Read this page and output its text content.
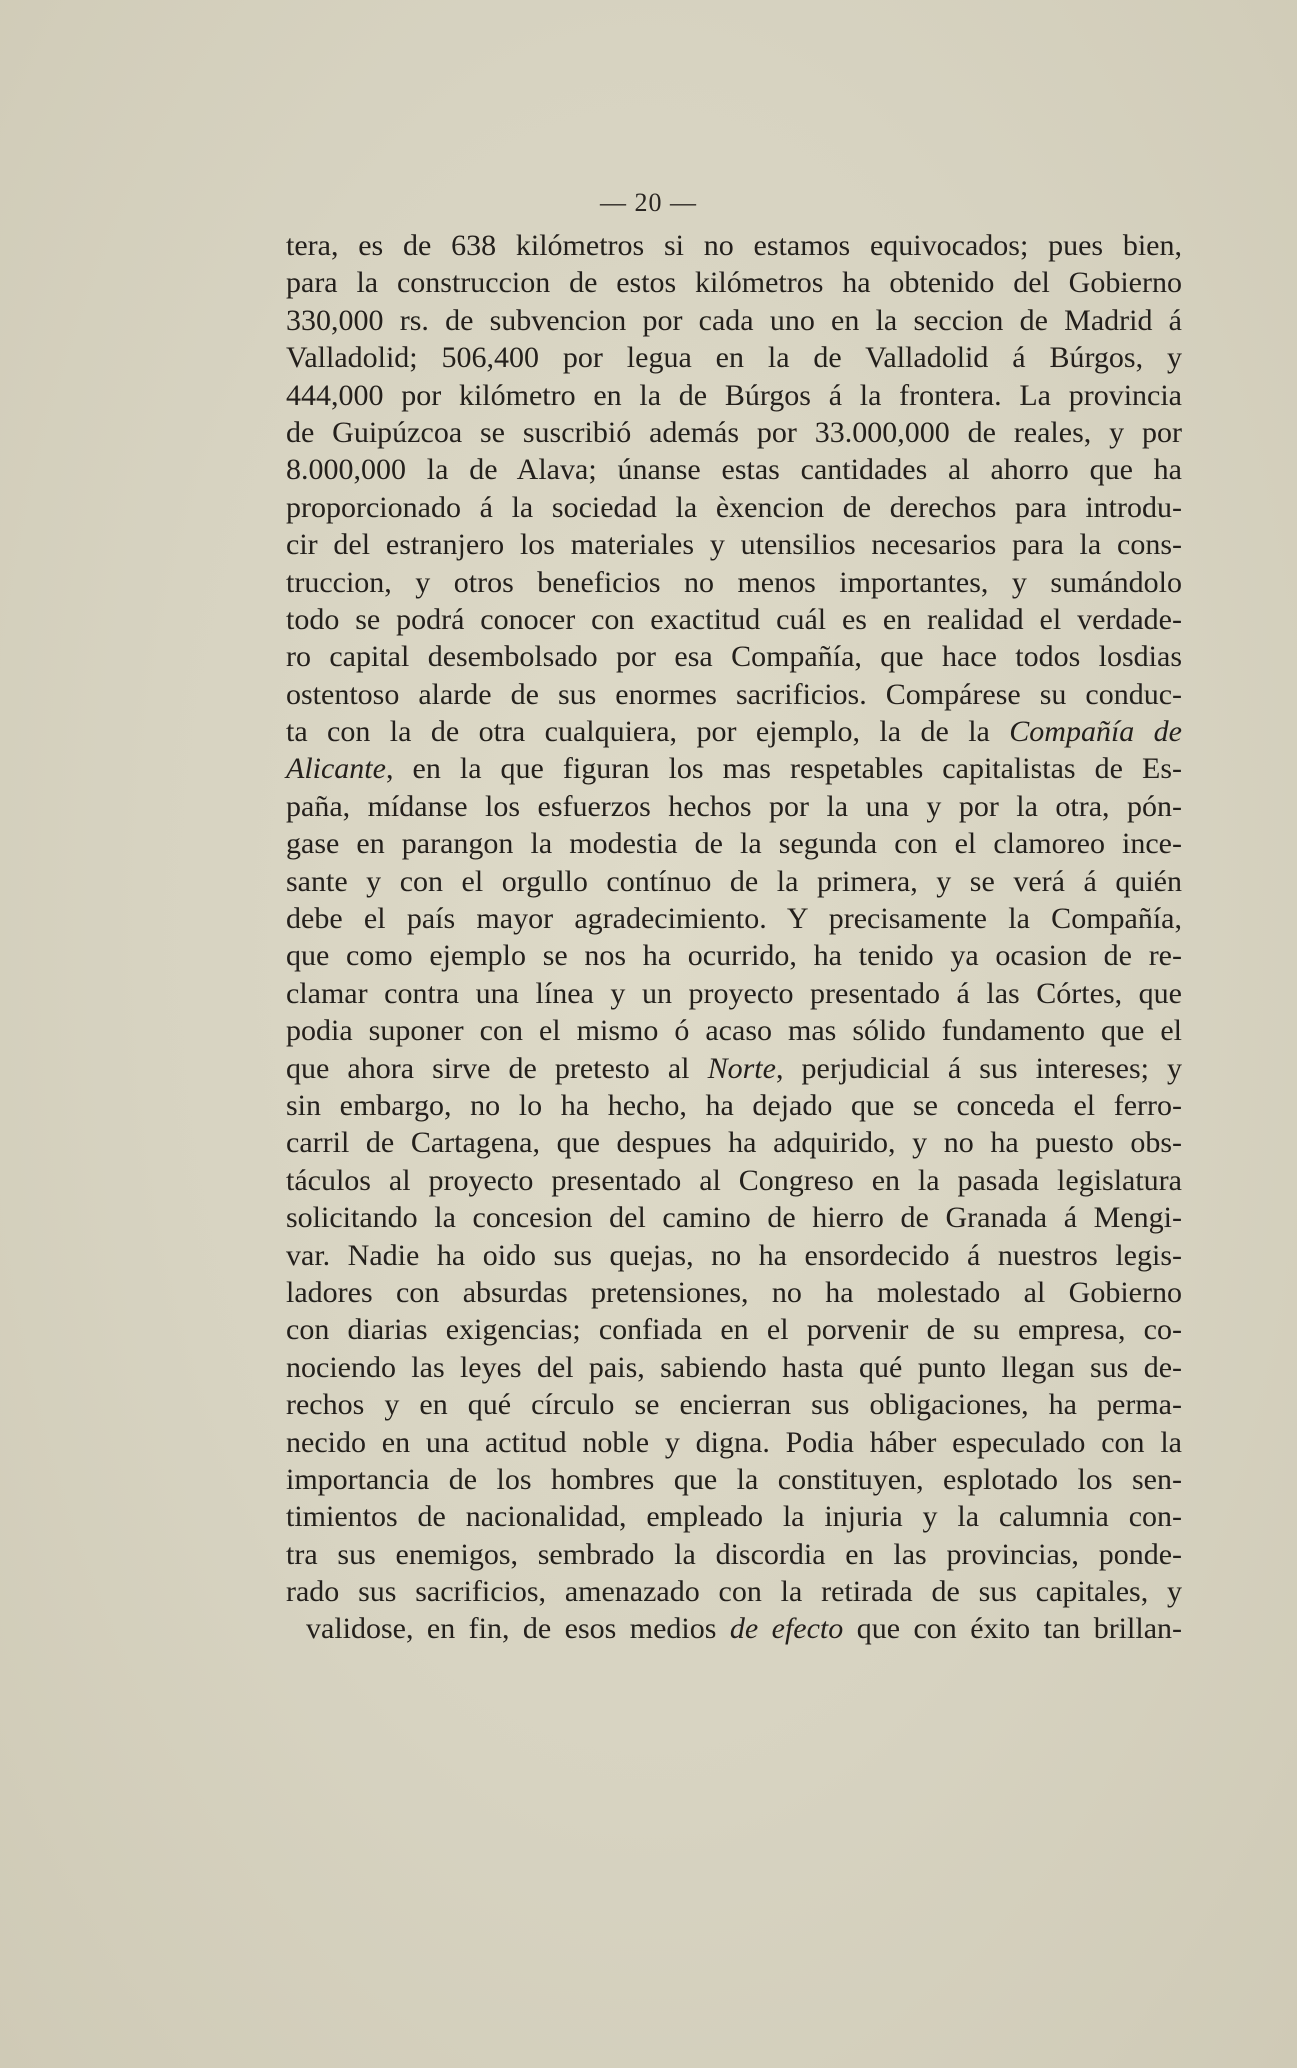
— 20 —
tera, es de 638 kilómetros si no estamos equivocados; pues bien,
para la construccion de estos kilómetros ha obtenido del Gobierno
330,000 rs. de subvencion por cada uno en la seccion de Madrid á
Valladolid; 506,400 por legua en la de Valladolid á Búrgos, y
444,000 por kilómetro en la de Búrgos á la frontera. La provincia
de Guipúzcoa se suscribió además por 33.000,000 de reales, y por
8.000,000 la de Alava; únanse estas cantidades al ahorro que ha
proporcionado á la sociedad la èxencion de derechos para introdu-
cir del estranjero los materiales y utensilios necesarios para la cons-
truccion, y otros beneficios no menos importantes, y sumándolo
todo se podrá conocer con exactitud cuál es en realidad el verdade-
ro capital desembolsado por esa Compañía, que hace todos losdias
ostentoso alarde de sus enormes sacrificios. Compárese su conduc-
ta con la de otra cualquiera, por ejemplo, la de la Compañía de
Alicante, en la que figuran los mas respetables capitalistas de Es-
paña, mídanse los esfuerzos hechos por la una y por la otra, pón-
gase en parangon la modestia de la segunda con el clamoreo ince-
sante y con el orgullo contínuo de la primera, y se verá á quién
debe el país mayor agradecimiento. Y precisamente la Compañía,
que como ejemplo se nos ha ocurrido, ha tenido ya ocasion de re-
clamar contra una línea y un proyecto presentado á las Córtes, que
podia suponer con el mismo ó acaso mas sólido fundamento que el
que ahora sirve de pretesto al Norte, perjudicial á sus intereses; y
sin embargo, no lo ha hecho, ha dejado que se conceda el ferro-
carril de Cartagena, que despues ha adquirido, y no ha puesto obs-
táculos al proyecto presentado al Congreso en la pasada legislatura
solicitando la concesion del camino de hierro de Granada á Mengi-
var. Nadie ha oido sus quejas, no ha ensordecido á nuestros legis-
ladores con absurdas pretensiones, no ha molestado al Gobierno
con diarias exigencias; confiada en el porvenir de su empresa, co-
nociendo las leyes del pais, sabiendo hasta qué punto llegan sus de-
rechos y en qué círculo se encierran sus obligaciones, ha perma-
necido en una actitud noble y digna. Podia háber especulado con la
importancia de los hombres que la constituyen, esplotado los sen-
timientos de nacionalidad, empleado la injuria y la calumnia con-
tra sus enemigos, sembrado la discordia en las provincias, ponde-
rado sus sacrificios, amenazado con la retirada de sus capitales, y
validose, en fin, de esos medios de efecto que con éxito tan brillan-
